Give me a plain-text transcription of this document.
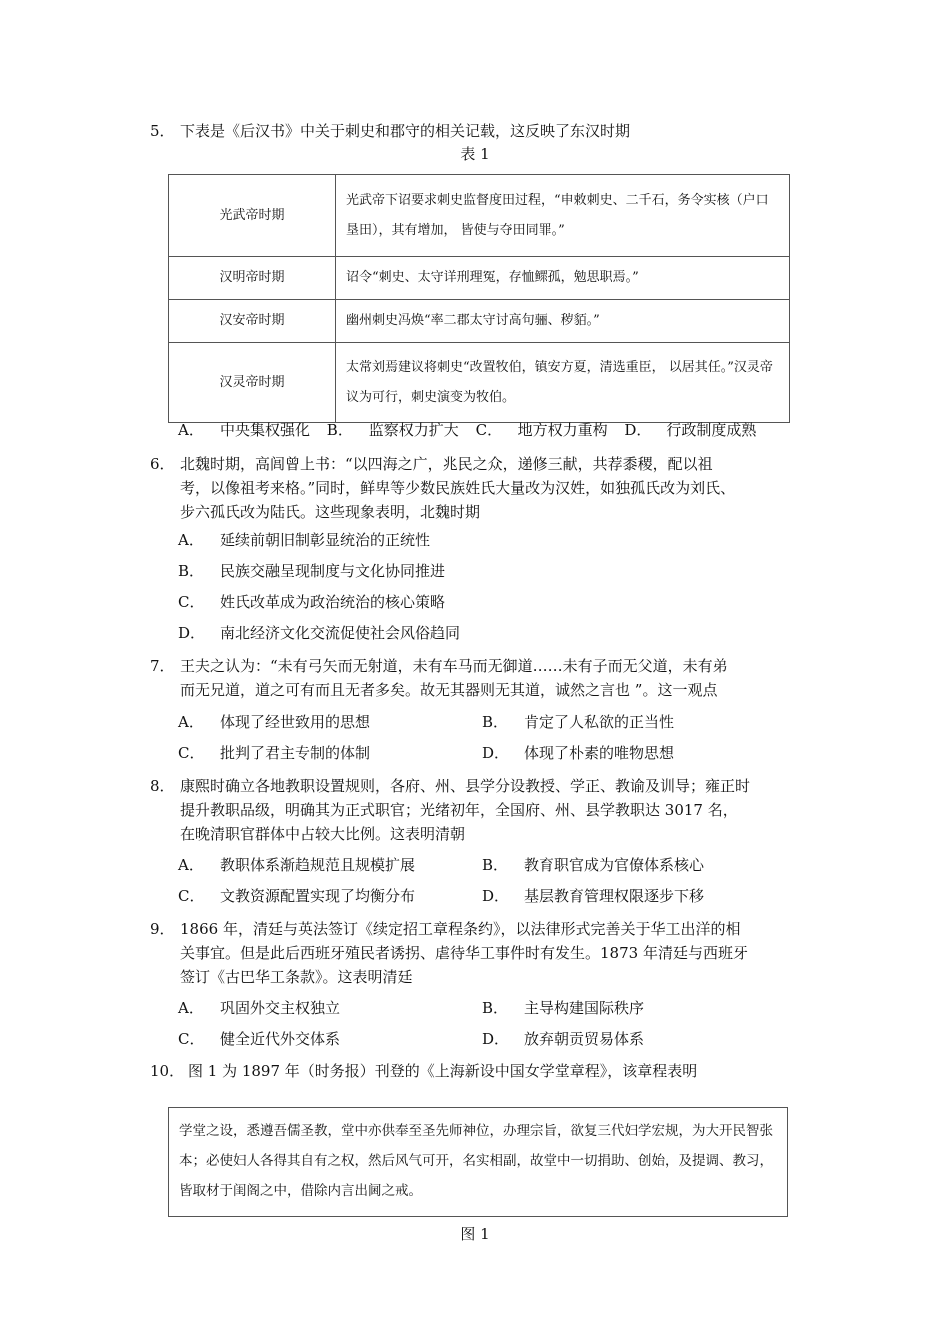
5． 下表是《后汉书》中关于刺史和郡守的相关记载，这反映了东汉时期
表 1
光武帝时期	光武帝下诏要求刺史监督度田过程，“申敕刺史、二千石，务令实核（户口垦田），其有增加， 皆使与夺田同罪。”
汉明帝时期	诏令“刺史、太守详刑理冤，存恤鳏孤，勉思职焉。”
汉安帝时期	幽州刺史冯焕“率二郡太守讨高句骊、秽貊。”
汉灵帝时期	太常刘焉建议将刺史“改置牧伯，镇安方夏，清选重臣， 以居其任。”汉灵帝议为可行，刺史演变为牧伯。
A． 中央集权强化 B． 监察权力扩大 C． 地方权力重构 D． 行政制度成熟
6． 北魏时期，高闾曾上书：“以四海之广，兆民之众，递修三献，共荐黍稷，配以祖
考，以像祖考来格。”同时，鲜卑等少数民族姓氏大量改为汉姓，如独孤氏改为刘氏、
步六孤氏改为陆氏。这些现象表明，北魏时期
A． 延续前朝旧制彰显统治的正统性
B． 民族交融呈现制度与文化协同推进
C． 姓氏改革成为政治统治的核心策略
D． 南北经济文化交流促使社会风俗趋同
7． 王夫之认为：“未有弓矢而无射道，未有车马而无御道……未有子而无父道，未有弟
而无兄道，道之可有而且无者多矣。故无其器则无其道，诚然之言也 ”。这一观点
A． 体现了经世致用的思想	B． 肯定了人私欲的正当性
C． 批判了君主专制的体制	D． 体现了朴素的唯物思想
8． 康熙时确立各地教职设置规则，各府、州、县学分设教授、学正、教谕及训导；雍正时
提升教职品级，明确其为正式职官；光绪初年，全国府、州、县学教职达 3017 名，
在晚清职官群体中占较大比例。这表明清朝
A． 教职体系渐趋规范且规模扩展	B． 教育职官成为官僚体系核心
C． 文教资源配置实现了均衡分布	D． 基层教育管理权限逐步下移
9． 1866 年，清廷与英法签订《续定招工章程条约》，以法律形式完善关于华工出洋的相
关事宜。但是此后西班牙殖民者诱拐、虐待华工事件时有发生。1873 年清廷与西班牙
签订《古巴华工条款》。这表明清廷
A． 巩固外交主权独立	B． 主导构建国际秩序
C． 健全近代外交体系	D． 放弃朝贡贸易体系
10． 图 1 为 1897 年（时务报）刊登的《上海新设中国女学堂章程》，该章程表明
学堂之设，悉遵吾儒圣教，堂中亦供奉至圣先师神位，办理宗旨，欲复三代妇学宏规，为大开民智张本；必使妇人各得其自有之权，然后风气可开，名实相副，故堂中一切捐助、创始，及提调、教习， 皆取材于闺阁之中，借除内言出阃之戒。
图 1
